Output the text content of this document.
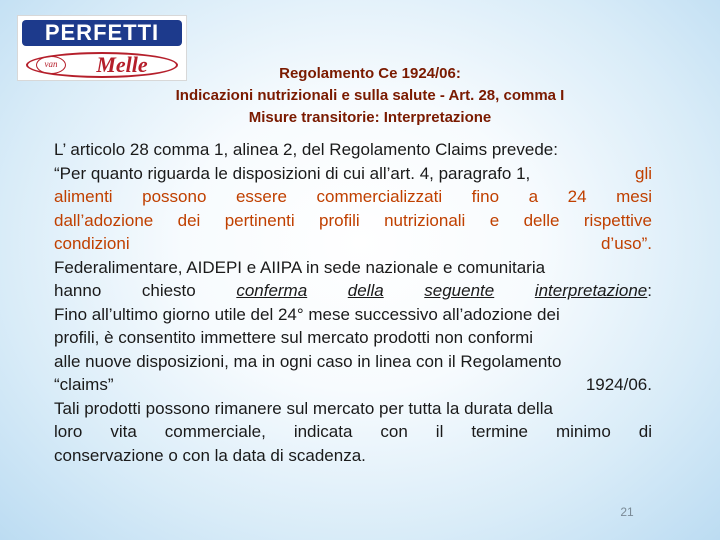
PERFETTI
van	Melle	Regolamento Ce 1924/06:
Indicazioni nutrizionali e sulla salute - Art. 28, comma I
Misure transitorie: Interpretazione
L’ articolo 28 comma 1, alinea 2, del Regolamento Claims prevede:
“Per quanto riguarda le disposizioni di cui all’art. 4, paragrafo 1,	gli
alimenti possono essere commercializzati fino a 24 mesi
dall’adozione dei pertinenti profili nutrizionali e delle rispettive
condizioni	d’uso”.
Federalimentare, AIDEPI e AIIPA in sede nazionale e comunitaria
hanno chiesto conferma della seguente interpretazione:
Fino all’ultimo giorno utile del 24° mese successivo all’adozione dei
profili, è consentito immettere sul mercato prodotti non conformi
alle nuove disposizioni, ma in ogni caso in linea con il Regolamento
“claims”	1924/06.
Tali prodotti possono rimanere sul mercato per tutta la durata della
loro vita commerciale, indicata con il termine minimo di
conservazione o con la data di scadenza.
21
